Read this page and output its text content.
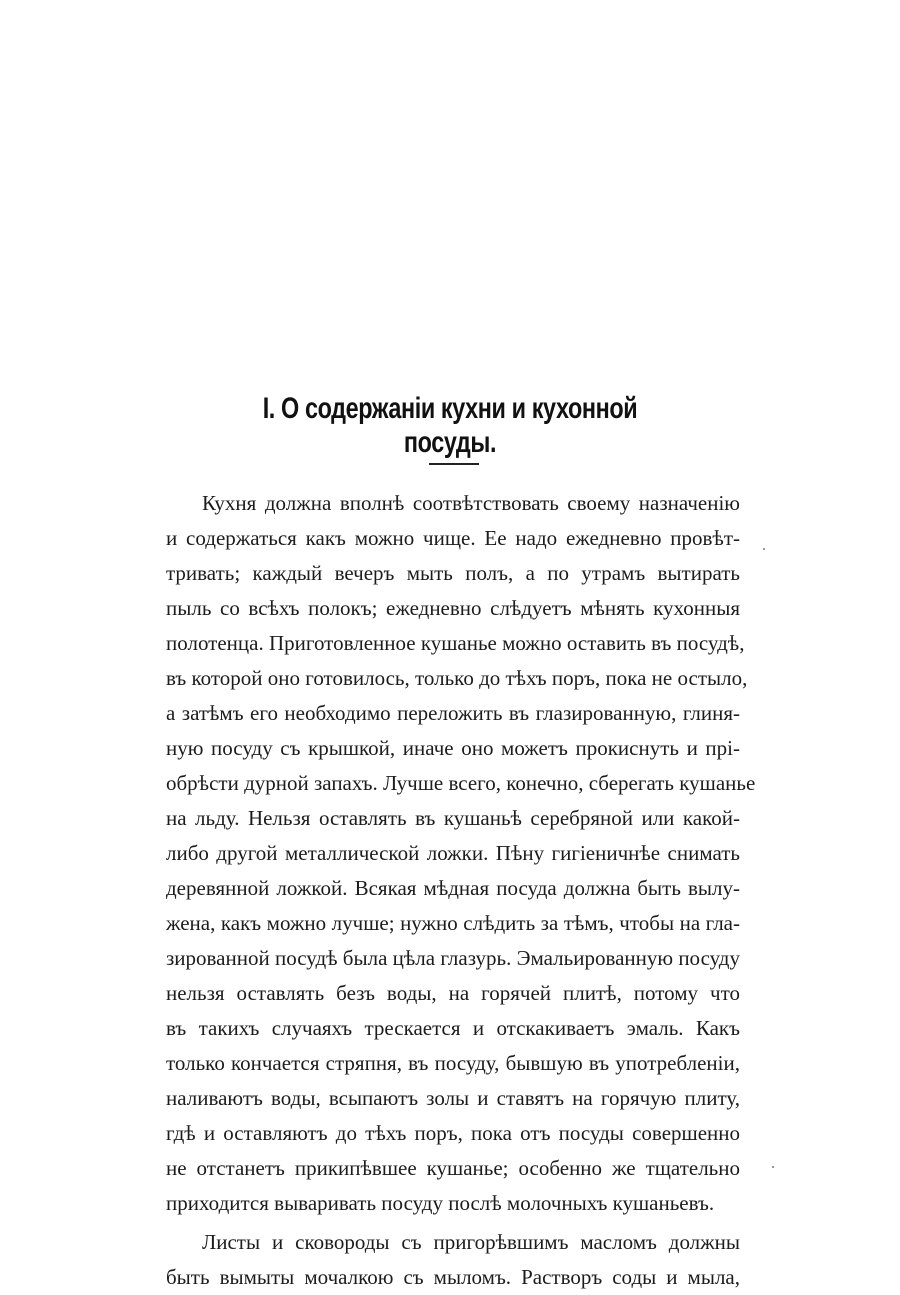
I. О содержанiи кухни и кухонной посуды.
Кухня должна вполнѣ соотвѣтствовать своему назначенiю
и содержаться какъ можно чище. Ее надо ежедневно провѣт-
тривать; каждый вечеръ мыть полъ, а по утрамъ вытирать
пыль со всѣхъ полокъ; ежедневно слѣдуетъ мѣнять кухонныя
полотенца. Приготовленное кушанье можно оставить въ посудѣ,
въ которой оно готовилось, только до тѣхъ поръ, пока не остыло,
а затѣмъ его необходимо переложить въ глазированную, глиня-
ную посуду съ крышкой, иначе оно можетъ прокиснуть и прi-
обрѣсти дурной запахъ. Лучше всего, конечно, сберегать кушанье
на льду. Нельзя оставлять въ кушаньѣ серебряной или какой-
либо другой металлической ложки. Пѣну гигiеничнѣе снимать
деревянной ложкой. Всякая мѣдная посуда должна быть вылу-
жена, какъ можно лучше; нужно слѣдить за тѣмъ, чтобы на гла-
зированной посудѣ была цѣла глазурь. Эмальированную посуду
нельзя оставлять безъ воды, на горячей плитѣ, потому что
въ такихъ случаяхъ трескается и отскакиваетъ эмаль. Какъ
только кончается стряпня, въ посуду, бывшую въ употребленiи,
наливаютъ воды, всыпаютъ золы и ставятъ на горячую плиту,
гдѣ и оставляютъ до тѣхъ поръ, пока отъ посуды совершенно
не отстанетъ прикипѣвшее кушанье; особенно же тщательно
приходится вываривать посуду послѣ молочныхъ кушаньевъ.
Листы и сковороды съ пригорѣвшимъ масломъ должны
быть вымыты мочалкою съ мыломъ. Растворъ соды и мыла,
